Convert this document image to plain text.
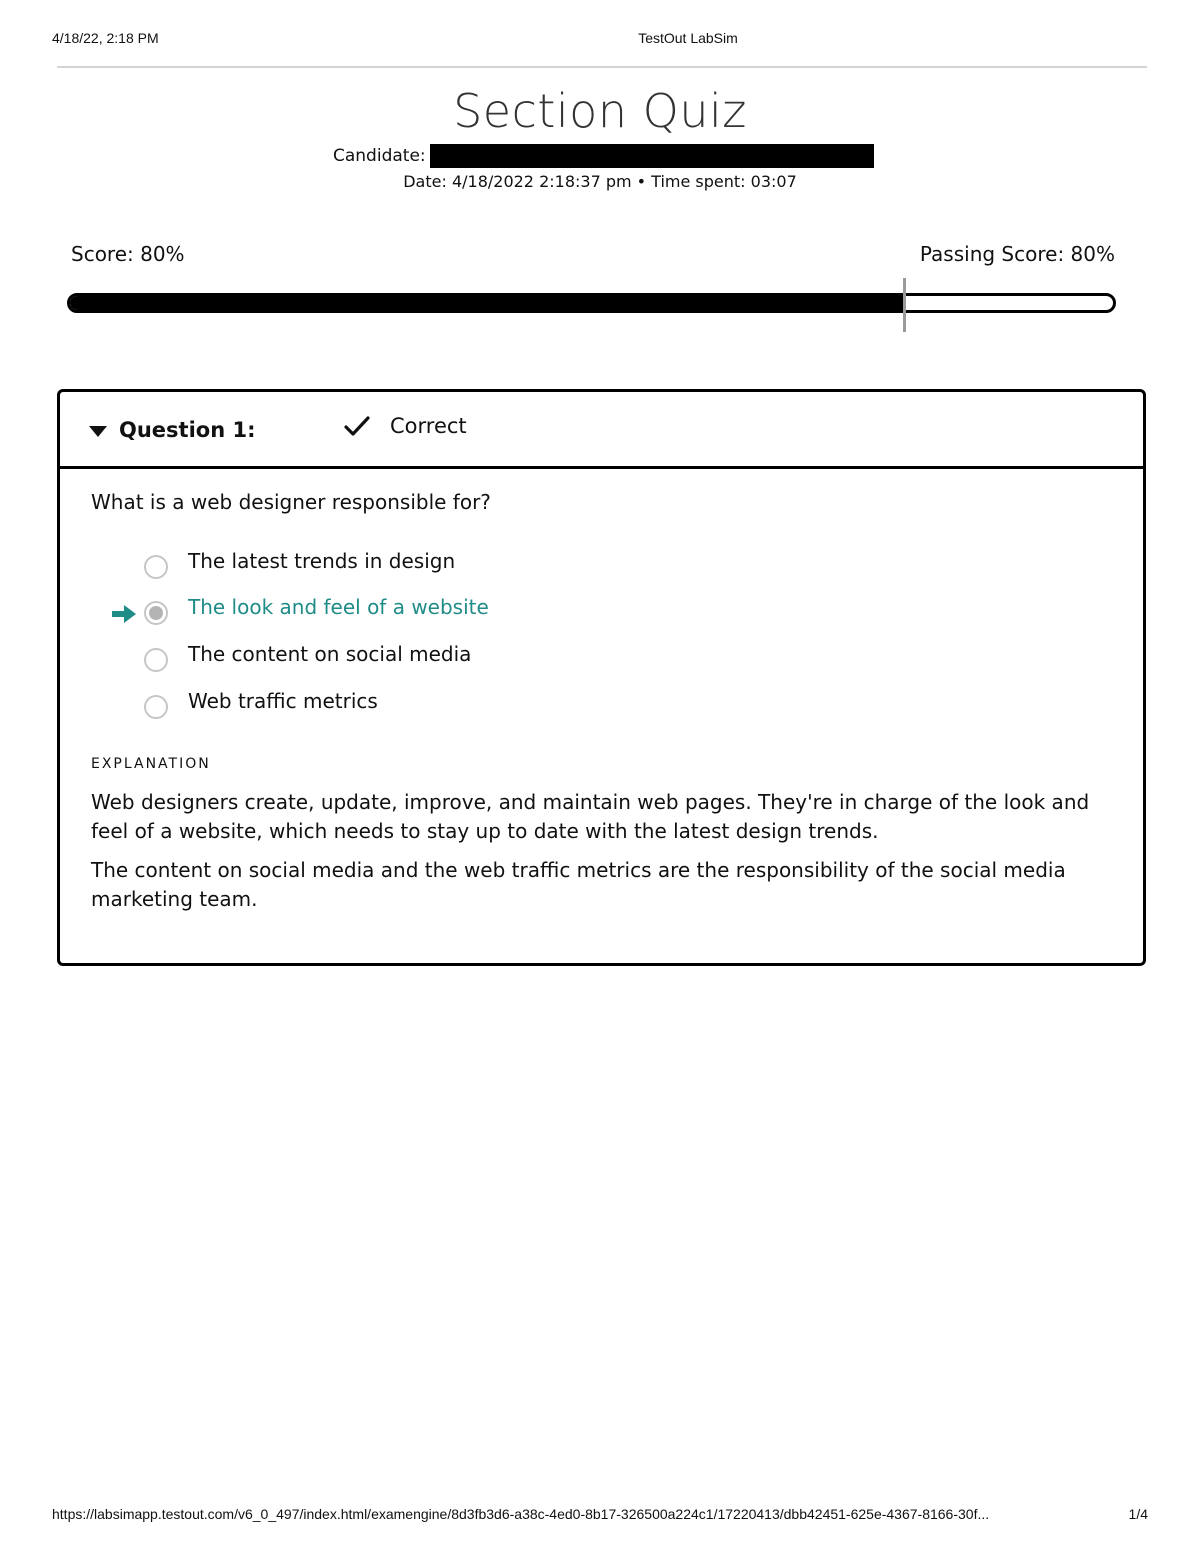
4/18/22, 2:18 PM	TestOut LabSim
Section Quiz
Candidate:
Date: 4/18/2022 2:18:37 pm • Time spent: 03:07
Score: 80%	Passing Score: 80%
Question 1:	Correct
What is a web designer responsible for?
The latest trends in design
The look and feel of a website
The content on social media
Web traffic metrics
EXPLANATION

Web designers create, update, improve, and maintain web pages. They're in charge of the look and feel of a website, which needs to stay up to date with the latest design trends.

The content on social media and the web traffic metrics are the responsibility of the social media marketing team.

https://labsimapp.testout.com/v6_0_497/index.html/examengine/8d3fb3d6-a38c-4ed0-8b17-326500a224c1/17220413/dbb42451-625e-4367-8166-30f...	1/4
